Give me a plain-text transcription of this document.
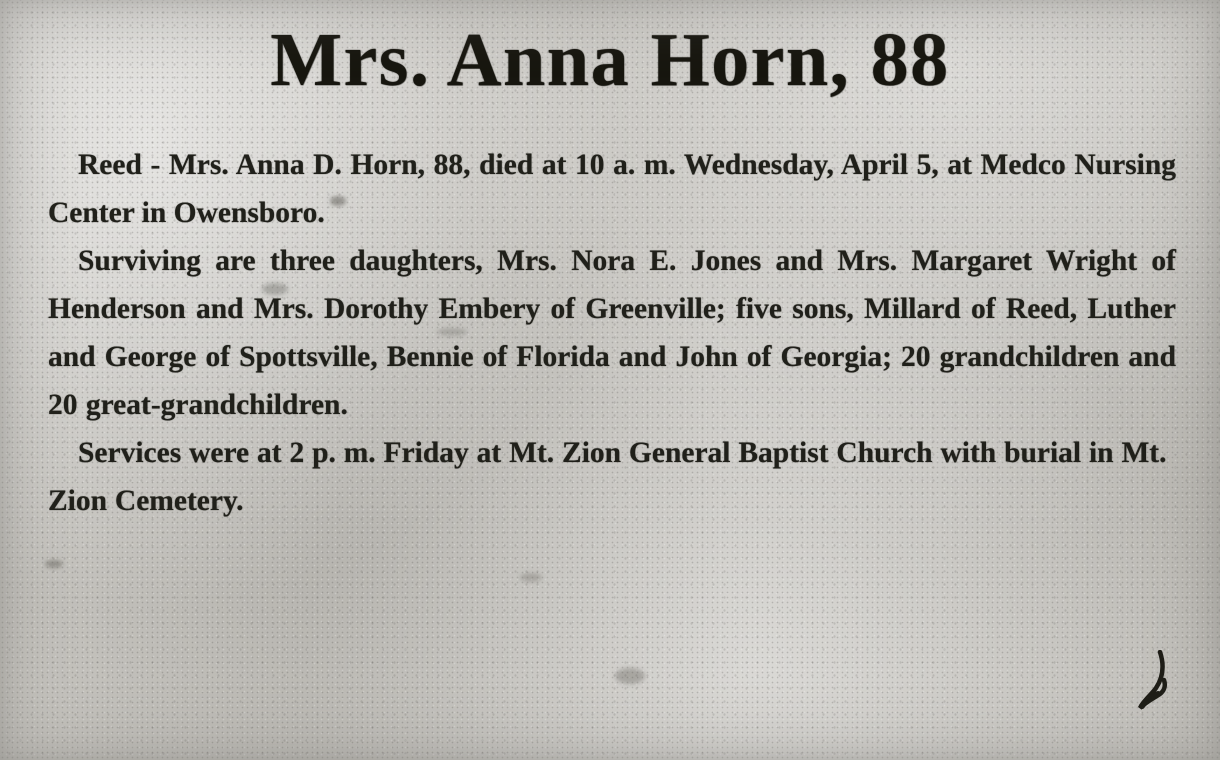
Mrs. Anna Horn, 88

Reed - Mrs. Anna D. Horn, 88, died at 10 a. m. Wednesday, April 5, at Medco Nursing Center in Owensboro.

Surviving are three daughters, Mrs. Nora E. Jones and Mrs. Margaret Wright of Henderson and Mrs. Dorothy Embery of Greenville; five sons, Millard of Reed, Luther and George of Spottsville, Bennie of Florida and John of Georgia; 20 grandchildren and 20 great-grandchildren.

Services were at 2 p. m. Friday at Mt. Zion General Baptist Church with burial in Mt. Zion Cemetery.
